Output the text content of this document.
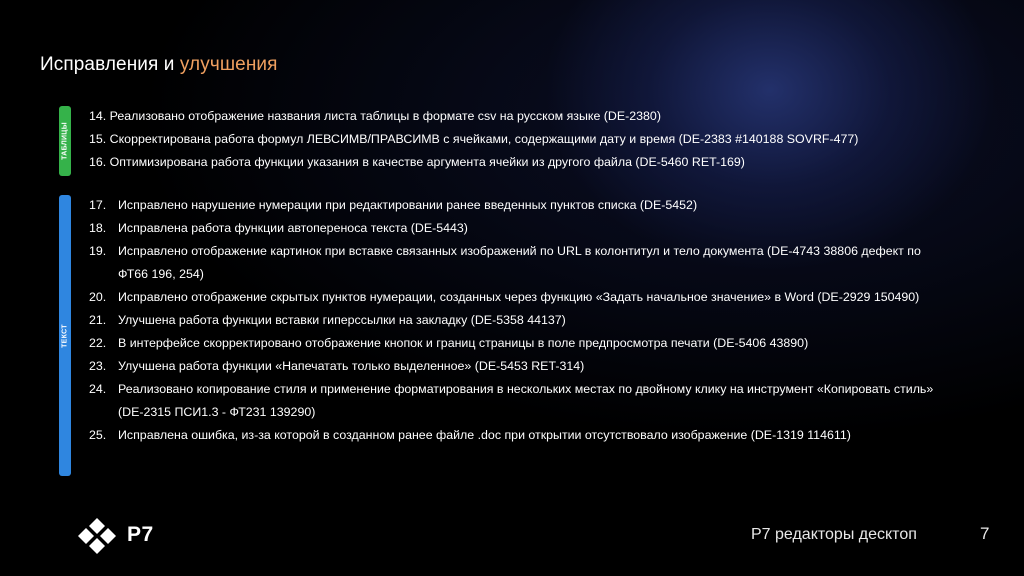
Исправления и улучшения
ТАБЛИЦЫ
14. Реализовано отображение названия листа таблицы в формате csv на русском языке (DE-2380)
15. Скорректирована работа формул ЛЕВСИМВ/ПРАВСИМВ с ячейками, содержащими дату и время (DE-2383 #140188 SOVRF-477)
16. Оптимизирована работа функции указания в качестве аргумента ячейки из другого файла (DE-5460 RET-169)
ТЕКСТ
17. Исправлено нарушение нумерации при редактировании ранее введенных пунктов списка (DE-5452)
18. Исправлена работа функции автопереноса текста (DE-5443)
19. Исправлено отображение картинок при вставке связанных изображений по URL в колонтитул и тело документа (DE-4743 38806 дефект по ФТ66 196, 254)
20. Исправлено отображение скрытых пунктов нумерации, созданных через функцию «Задать начальное значение» в Word (DE-2929 150490)
21. Улучшена работа функции вставки гиперссылки на закладку (DE-5358 44137)
22. В интерфейсе скорректировано отображение кнопок и границ страницы в поле предпросмотра печати (DE-5406 43890)
23. Улучшена работа функции «Напечатать только выделенное» (DE-5453 RET-314)
24. Реализовано копирование стиля и применение форматирования в нескольких местах по двойному клику на инструмент «Копировать стиль» (DE-2315 ПСИ1.3 - ФТ231 139290)
25. Исправлена ошибка, из-за которой в созданном ранее файле .doc при открытии отсутствовало изображение (DE-1319 114611)
P7	Р7 редакторы десктоп	7
